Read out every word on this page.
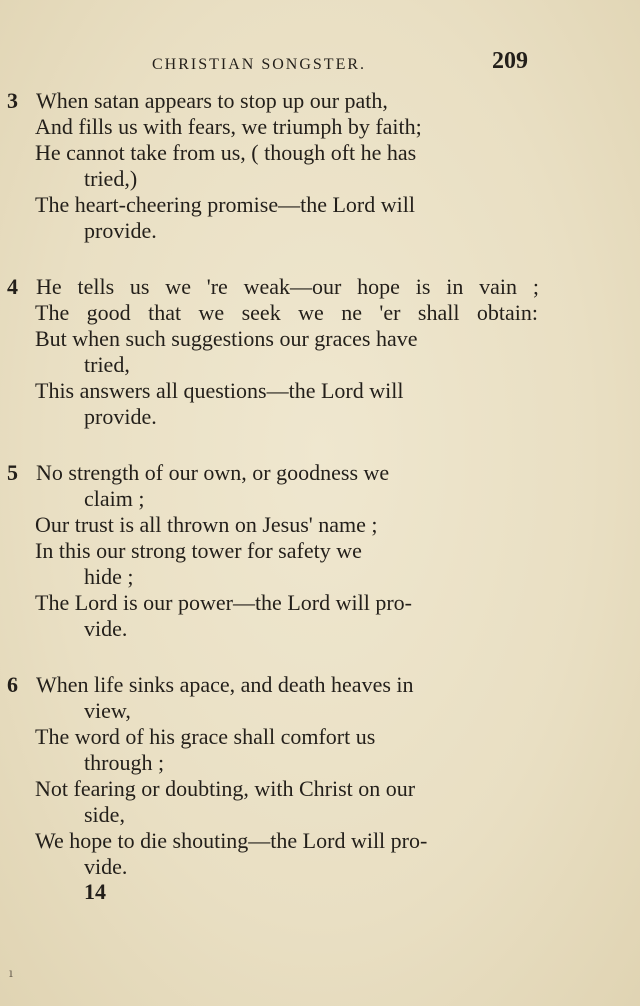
CHRISTIAN SONGSTER.	209
3 When satan appears to stop up our path,
And fills us with fears, we triumph by faith;
He cannot take from us, ( though oft he has
tried,)
The heart-cheering promise—the Lord will
provide.
4 He tells us we 're weak—our hope is in vain ;
The good that we seek we ne 'er shall obtain:
But when such suggestions our graces have
tried,
This answers all questions—the Lord will
provide.
5 No strength of our own, or goodness we
claim ;
Our trust is all thrown on Jesus' name ;
In this our strong tower for safety we
hide ;
The Lord is our power—the Lord will pro-
vide.
6 When life sinks apace, and death heaves in
view,
The word of his grace shall comfort us
through ;
Not fearing or doubting, with Christ on our
side,
We hope to die shouting—the Lord will pro-
vide.
14
ı
